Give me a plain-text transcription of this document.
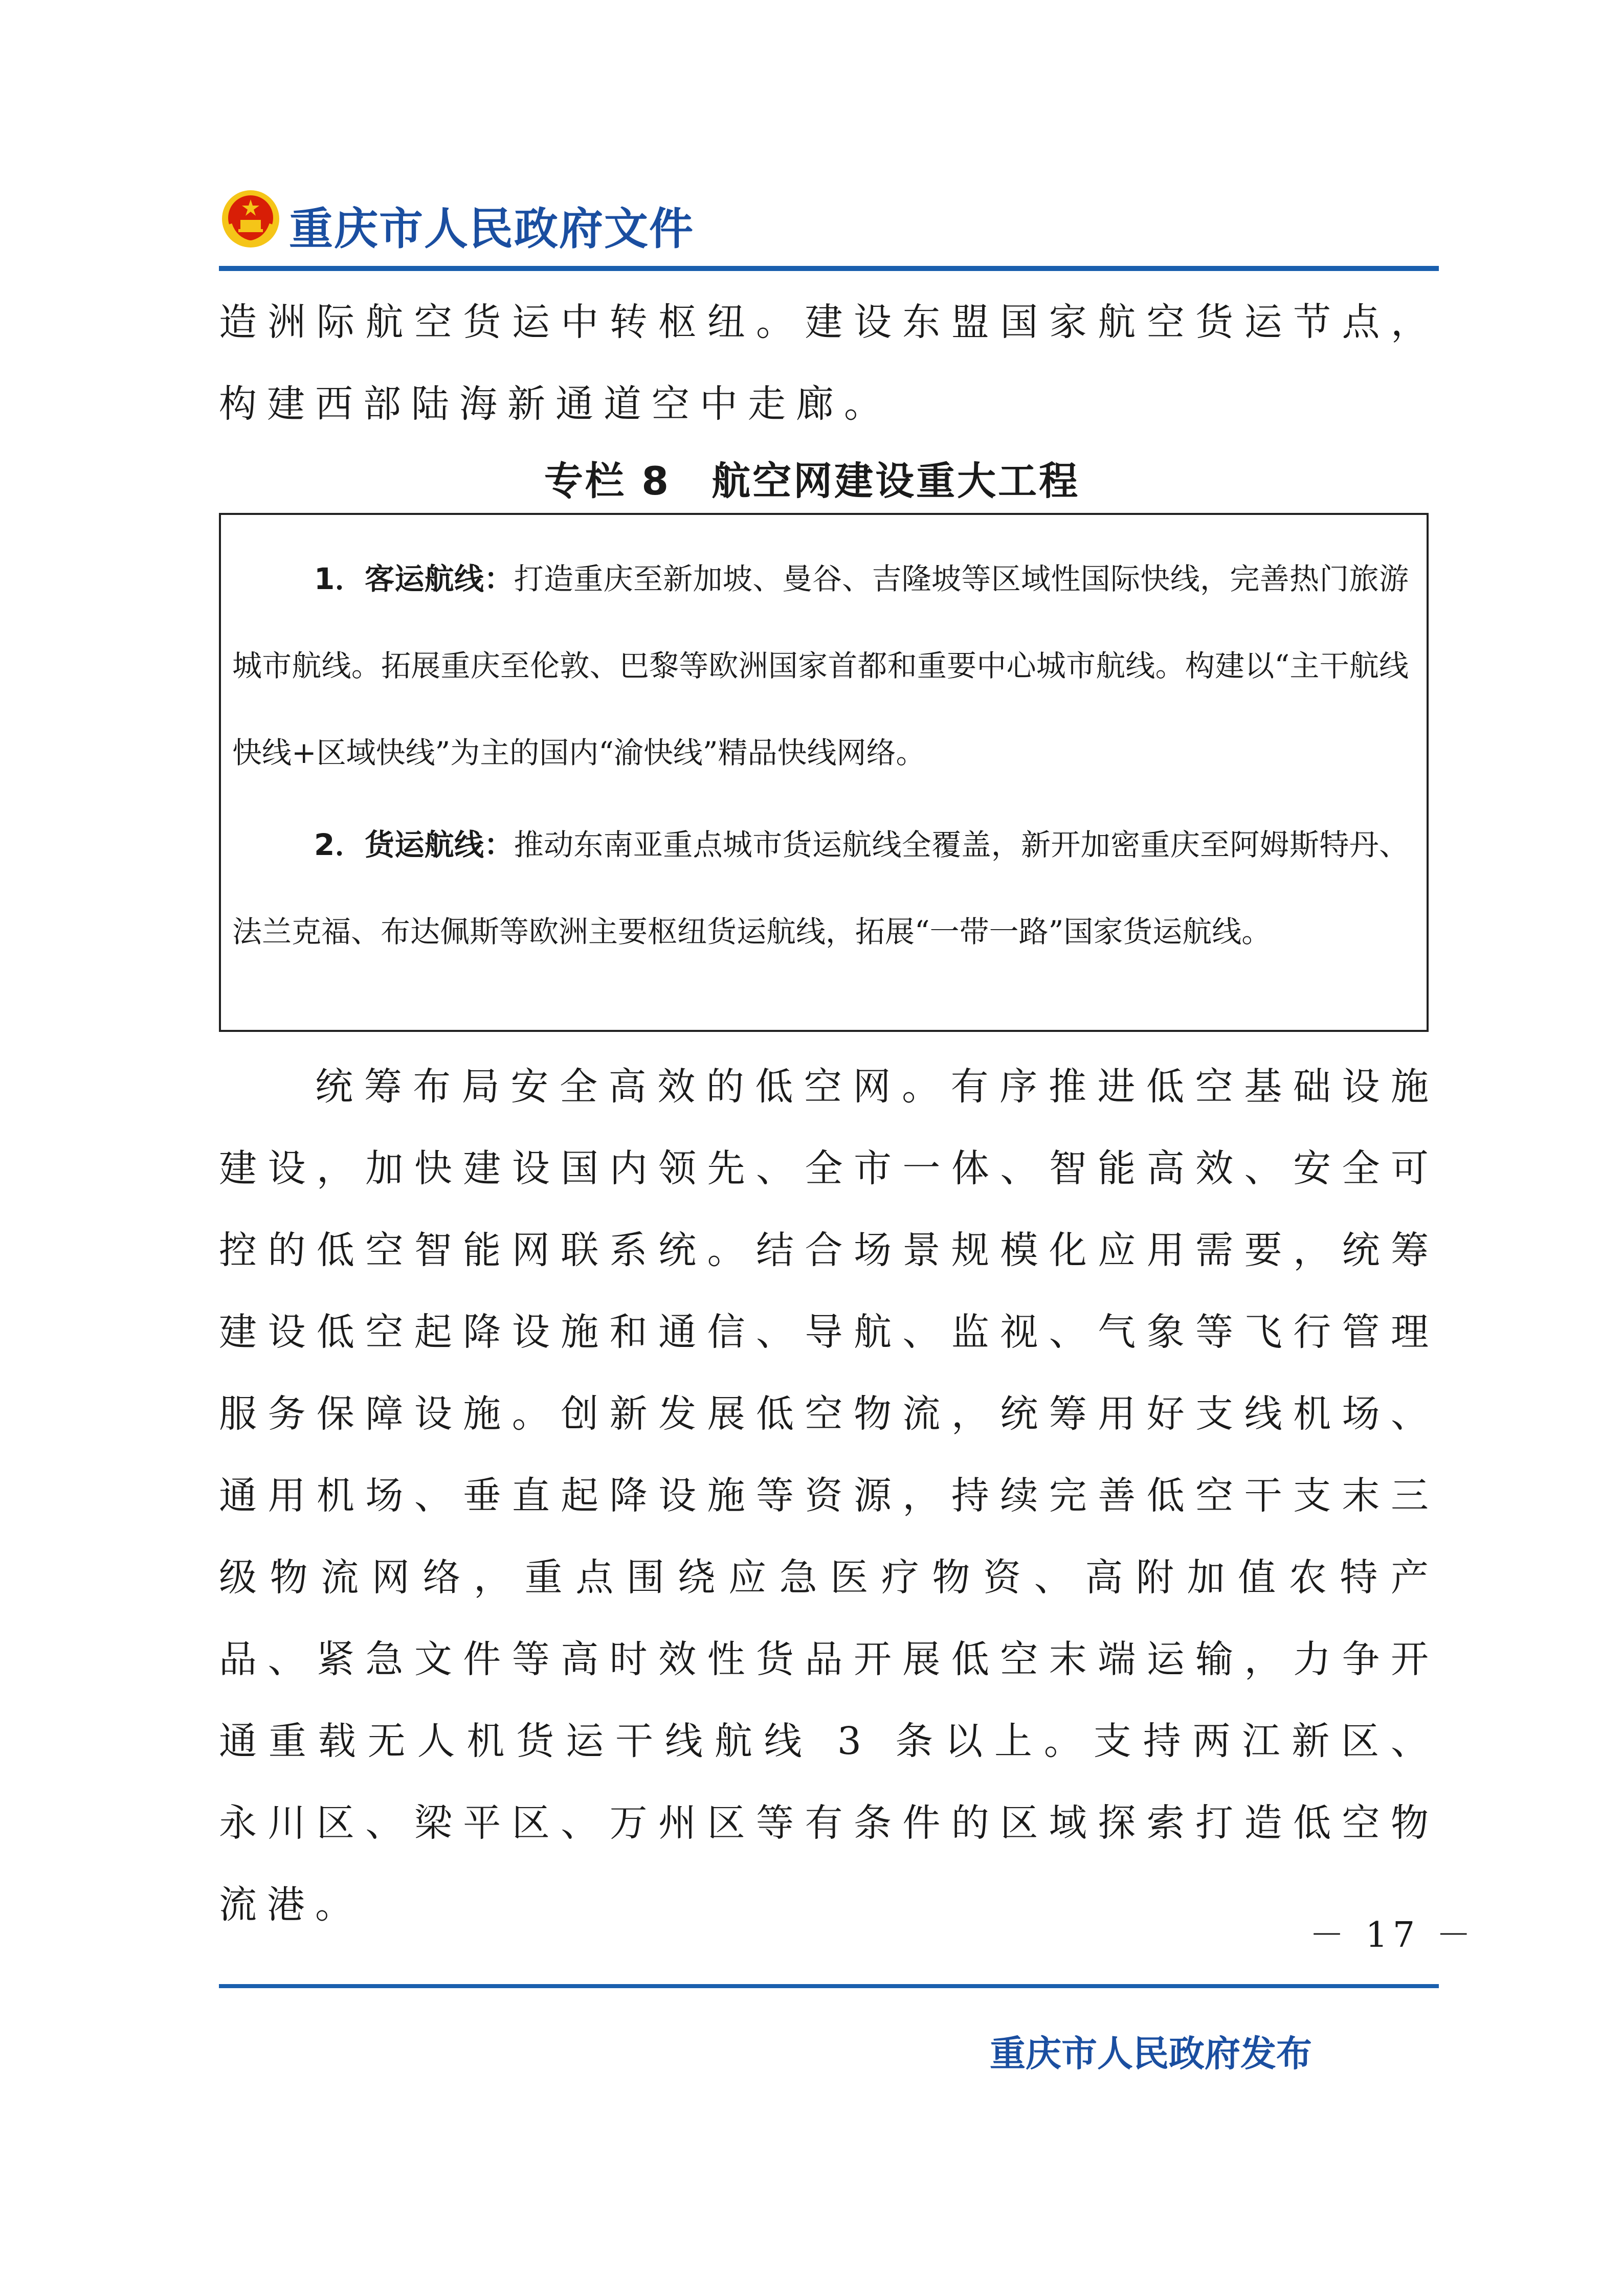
重庆市人民政府文件

造洲际航空货运中转枢纽。建设东盟国家航空货运节点，构建西部陆海新通道空中走廊。

专栏 8　航空网建设重大工程

1．客运航线：打造重庆至新加坡、曼谷、吉隆坡等区域性国际快线，完善热门旅游城市航线。拓展重庆至伦敦、巴黎等欧洲国家首都和重要中心城市航线。构建以“主干航线快线+区域快线”为主的国内“渝快线”精品快线网络。

2．货运航线：推动东南亚重点城市货运航线全覆盖，新开加密重庆至阿姆斯特丹、法兰克福、布达佩斯等欧洲主要枢纽货运航线，拓展“一带一路”国家货运航线。

统筹布局安全高效的低空网。有序推进低空基础设施建设，加快建设国内领先、全市一体、智能高效、安全可控的低空智能网联系统。结合场景规模化应用需要，统筹建设低空起降设施和通信、导航、监视、气象等飞行管理服务保障设施。创新发展低空物流，统筹用好支线机场、通用机场、垂直起降设施等资源，持续完善低空干支末三级物流网络，重点围绕应急医疗物资、高附加值农特产品、紧急文件等高时效性货品开展低空末端运输，力争开通重载无人机货运干线航线 3 条以上。支持两江新区、永川区、梁平区、万州区等有条件的区域探索打造低空物流港。

－ 17 －
重庆市人民政府发布
